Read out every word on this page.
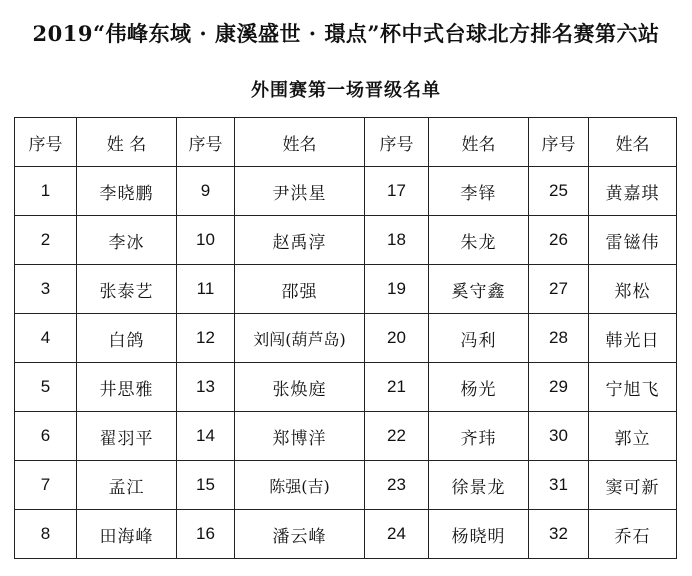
2019“伟峰东域 · 康溪盛世 · 璟点”杯中式台球北方排名赛第六站
外围赛第一场晋级名单
序号	姓 名	序号	姓名	序号	姓名	序号	姓名
1	李晓鹏	9	尹洪星	17	李铎	25	黄嘉琪
2	李冰	10	赵禹淳	18	朱龙	26	雷镃伟
3	张泰艺	11	邵强	19	奚守鑫	27	郑松
4	白鸽	12	刘闯(葫芦岛)	20	冯利	28	韩光日
5	井思雅	13	张焕庭	21	杨光	29	宁旭飞
6	翟羽平	14	郑博洋	22	齐玮	30	郭立
7	孟江	15	陈强(吉)	23	徐景龙	31	窦可新
8	田海峰	16	潘云峰	24	杨晓明	32	乔石
